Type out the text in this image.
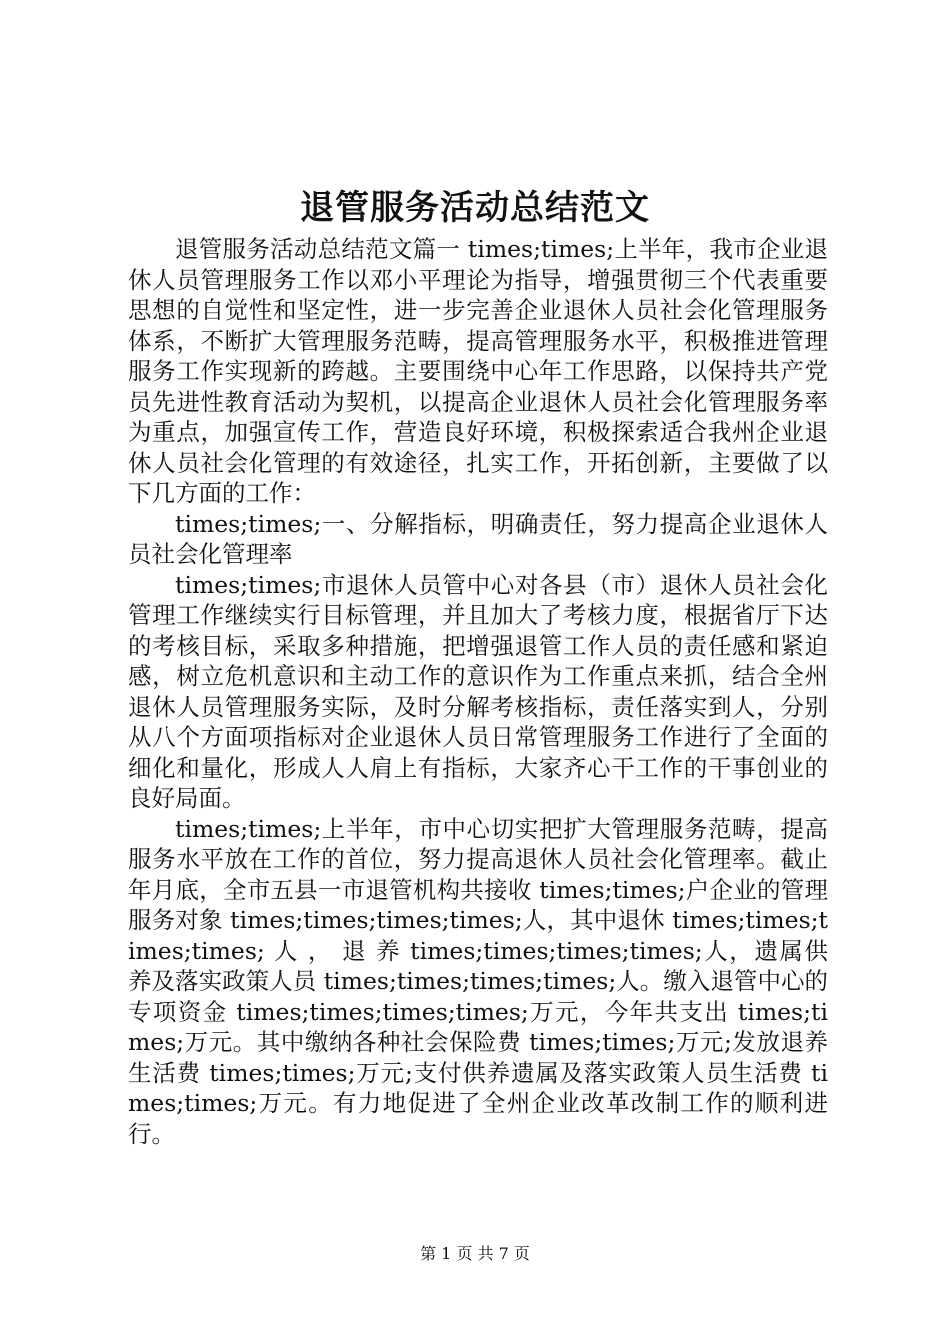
退管服务活动总结范文

退管服务活动总结范文篇一 times;times;上半年，我市企业退休人员管理服务工作以邓小平理论为指导，增强贯彻三个代表重要思想的自觉性和坚定性，进一步完善企业退休人员社会化管理服务体系，不断扩大管理服务范畴，提高管理服务水平，积极推进管理服务工作实现新的跨越。主要围绕中心年工作思路，以保持共产党员先进性教育活动为契机，以提高企业退休人员社会化管理服务率为重点，加强宣传工作，营造良好环境，积极探索适合我州企业退休人员社会化管理的有效途径，扎实工作，开拓创新，主要做了以下几方面的工作：

times;times;一、分解指标，明确责任，努力提高企业退休人员社会化管理率

times;times;市退休人员管中心对各县（市）退休人员社会化管理工作继续实行目标管理，并且加大了考核力度，根据省厅下达的考核目标，采取多种措施，把增强退管工作人员的责任感和紧迫感，树立危机意识和主动工作的意识作为工作重点来抓，结合全州退休人员管理服务实际，及时分解考核指标，责任落实到人，分别从八个方面项指标对企业退休人员日常管理服务工作进行了全面的细化和量化，形成人人肩上有指标，大家齐心干工作的干事创业的良好局面。

times;times;上半年，市中心切实把扩大管理服务范畴，提高服务水平放在工作的首位，努力提高退休人员社会化管理率。截止年月底，全市五县一市退管机构共接收 times;times;户企业的管理服务对象 times;times;times;times;人，其中退休 times;times;times;times; 人 ， 退 养 times;times;times;times;人，遗属供养及落实政策人员 times;times;times;times;人。缴入退管中心的专项资金 times;times;times;times;万元，今年共支出 times;times;万元。其中缴纳各种社会保险费 times;times;万元;发放退养生活费 times;times;万元;支付供养遗属及落实政策人员生活费 times;times;万元。有力地促进了全州企业改革改制工作的顺利进行。

第 1 页 共 7 页
